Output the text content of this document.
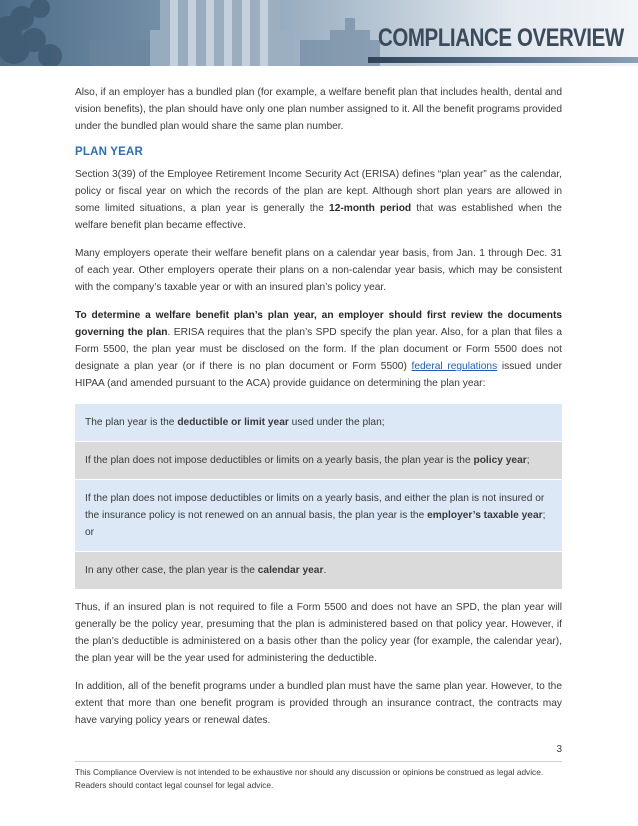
COMPLIANCE OVERVIEW

Also, if an employer has a bundled plan (for example, a welfare benefit plan that includes health, dental and vision benefits), the plan should have only one plan number assigned to it. All the benefit programs provided under the bundled plan would share the same plan number.

PLAN YEAR

Section 3(39) of the Employee Retirement Income Security Act (ERISA) defines “plan year” as the calendar, policy or fiscal year on which the records of the plan are kept. Although short plan years are allowed in some limited situations, a plan year is generally the 12-month period that was established when the welfare benefit plan became effective.

Many employers operate their welfare benefit plans on a calendar year basis, from Jan. 1 through Dec. 31 of each year. Other employers operate their plans on a non-calendar year basis, which may be consistent with the company’s taxable year or with an insured plan’s policy year.

To determine a welfare benefit plan’s plan year, an employer should first review the documents governing the plan. ERISA requires that the plan’s SPD specify the plan year. Also, for a plan that files a Form 5500, the plan year must be disclosed on the form. If the plan document or Form 5500 does not designate a plan year (or if there is no plan document or Form 5500) federal regulations issued under HIPAA (and amended pursuant to the ACA) provide guidance on determining the plan year:

The plan year is the deductible or limit year used under the plan;
If the plan does not impose deductibles or limits on a yearly basis, the plan year is the policy year;
If the plan does not impose deductibles or limits on a yearly basis, and either the plan is not insured or the insurance policy is not renewed on an annual basis, the plan year is the employer’s taxable year; or
In any other case, the plan year is the calendar year.

Thus, if an insured plan is not required to file a Form 5500 and does not have an SPD, the plan year will generally be the policy year, presuming that the plan is administered based on that policy year. However, if the plan’s deductible is administered on a basis other than the policy year (for example, the calendar year), the plan year will be the year used for administering the deductible.

In addition, all of the benefit programs under a bundled plan must have the same plan year. However, to the extent that more than one benefit program is provided through an insurance contract, the contracts may have varying policy years or renewal dates.

3
This Compliance Overview is not intended to be exhaustive nor should any discussion or opinions be construed as legal advice.
Readers should contact legal counsel for legal advice.
